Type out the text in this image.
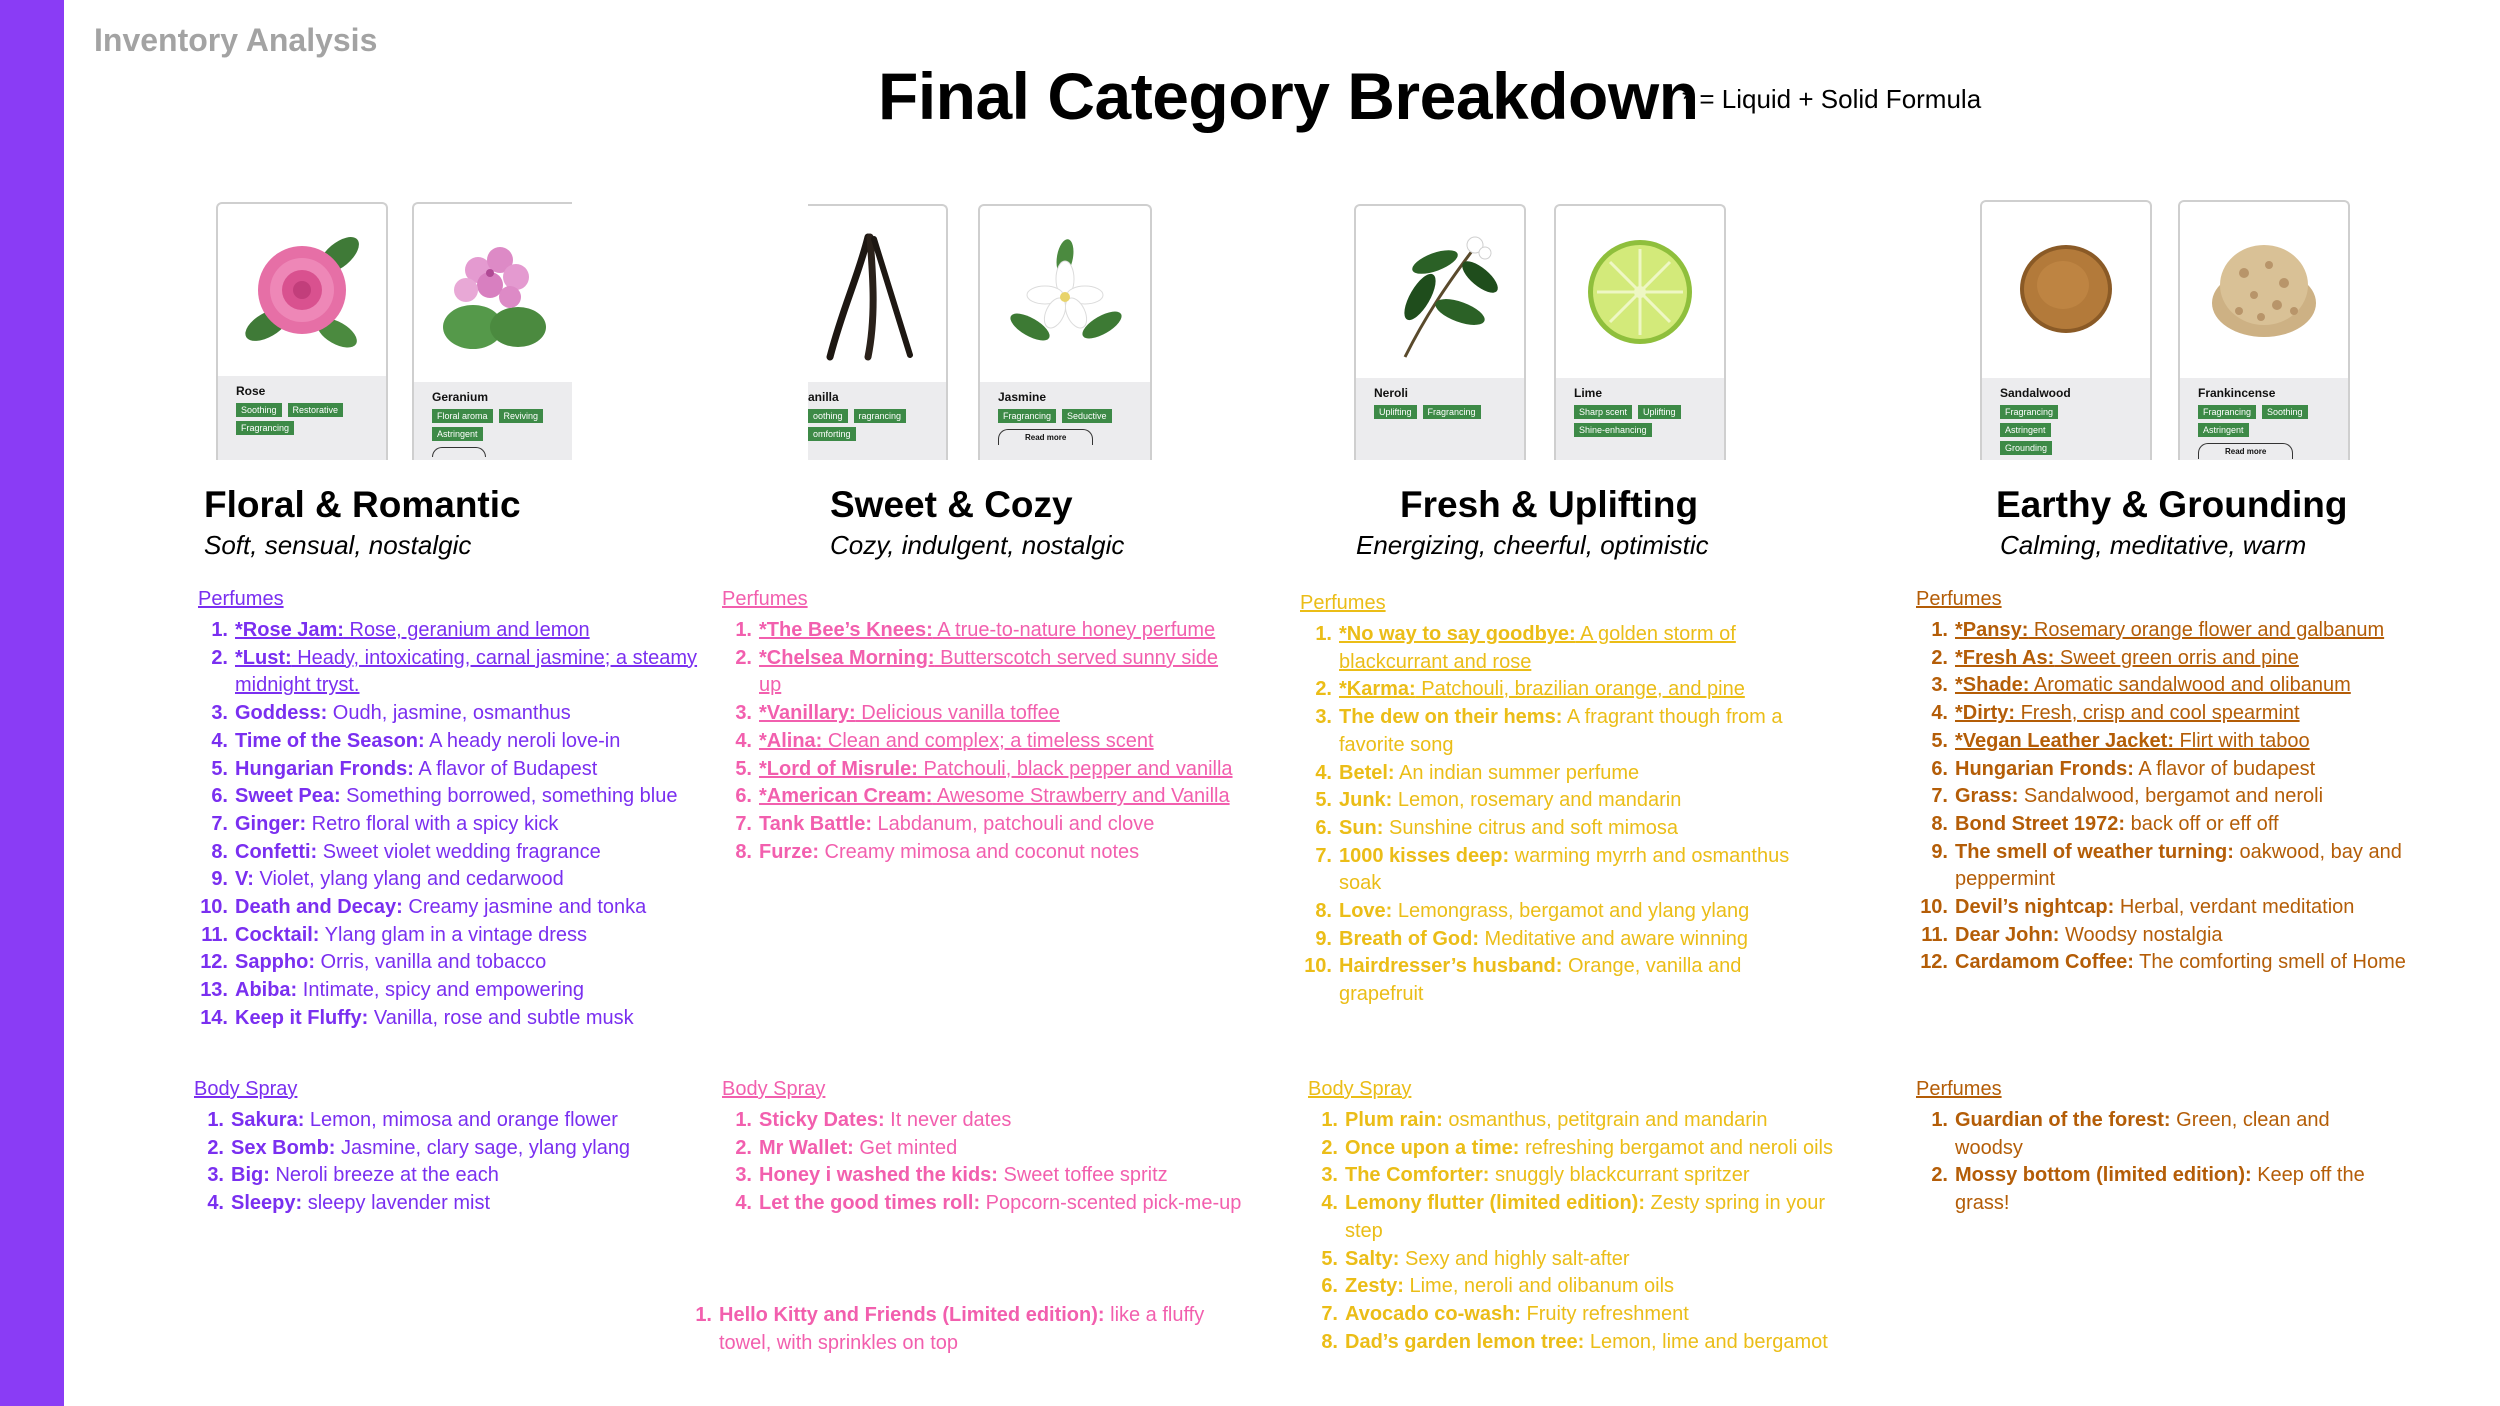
Inventory Analysis
Final Category Breakdown
* = Liquid + Solid Formula
Rose
Soothing	Restorative
Fragrancing
Geranium
Floral aroma	Reviving
Astringent
anilla
oothing	ragrancing
omforting
Jasmine
Fragrancing	Seductive
Read more
Neroli
Uplifting	Fragrancing
Lime
Sharp scent	Uplifting
Shine-enhancing
Sandalwood
Fragrancing
Astringent
Grounding
Frankincense
Fragrancing	Soothing
Astringent
Read more
Floral & Romantic
Soft, sensual, nostalgic
Sweet & Cozy
Cozy, indulgent, nostalgic
Fresh & Uplifting
Energizing, cheerful, optimistic
Earthy & Grounding
Calming, meditative, warm
Perfumes
1. *Rose Jam: Rose, geranium and lemon
2. *Lust: Heady, intoxicating, carnal jasmine; a steamy midnight tryst.
3. Goddess: Oudh, jasmine, osmanthus
4. Time of the Season: A heady neroli love-in
5. Hungarian Fronds: A flavor of Budapest
6. Sweet Pea: Something borrowed, something blue
7. Ginger: Retro floral with a spicy kick
8. Confetti: Sweet violet wedding fragrance
9. V: Violet, ylang ylang and cedarwood
10. Death and Decay: Creamy jasmine and tonka
11. Cocktail: Ylang glam in a vintage dress
12. Sappho: Orris, vanilla and tobacco
13. Abiba: Intimate, spicy and empowering
14. Keep it Fluffy: Vanilla, rose and subtle musk
Body Spray
1. Sakura: Lemon, mimosa and orange flower
2. Sex Bomb: Jasmine, clary sage, ylang ylang
3. Big: Neroli breeze at the each
4. Sleepy: sleepy lavender mist
Perfumes
1. *The Bee’s Knees: A true-to-nature honey perfume
2. *Chelsea Morning: Butterscotch served sunny side up
3. *Vanillary: Delicious vanilla toffee
4. *Alina: Clean and complex; a timeless scent
5. *Lord of Misrule: Patchouli, black pepper and vanilla
6. *American Cream: Awesome Strawberry and Vanilla
7. Tank Battle: Labdanum, patchouli and clove
8. Furze: Creamy mimosa and coconut notes
Body Spray
1. Sticky Dates: It never dates
2. Mr Wallet: Get minted
3. Honey i washed the kids: Sweet toffee spritz
4. Let the good times roll: Popcorn-scented pick-me-up
1. Hello Kitty and Friends (Limited edition): like a fluffy towel, with sprinkles on top
Perfumes
1. *No way to say goodbye: A golden storm of blackcurrant and rose
2. *Karma: Patchouli, brazilian orange, and pine
3. The dew on their hems: A fragrant though from a favorite song
4. Betel: An indian summer perfume
5. Junk: Lemon, rosemary and mandarin
6. Sun: Sunshine citrus and soft mimosa
7. 1000 kisses deep: warming myrrh and osmanthus soak
8. Love: Lemongrass, bergamot and ylang ylang
9. Breath of God: Meditative and aware winning
10. Hairdresser’s husband: Orange, vanilla and grapefruit
Body Spray
1. Plum rain: osmanthus, petitgrain and mandarin
2. Once upon a time: refreshing bergamot and neroli oils
3. The Comforter: snuggly blackcurrant spritzer
4. Lemony flutter (limited edition): Zesty spring in your step
5. Salty: Sexy and highly salt-after
6. Zesty: Lime, neroli and olibanum oils
7. Avocado co-wash: Fruity refreshment
8. Dad’s garden lemon tree: Lemon, lime and bergamot
Perfumes
1. *Pansy: Rosemary orange flower and galbanum
2. *Fresh As: Sweet green orris and pine
3. *Shade: Aromatic sandalwood and olibanum
4. *Dirty: Fresh, crisp and cool spearmint
5. *Vegan Leather Jacket: Flirt with taboo
6. Hungarian Fronds: A flavor of budapest
7. Grass: Sandalwood, bergamot and neroli
8. Bond Street 1972: back off or eff off
9. The smell of weather turning: oakwood, bay and peppermint
10. Devil’s nightcap: Herbal, verdant meditation
11. Dear John: Woodsy nostalgia
12. Cardamom Coffee: The comforting smell of Home
Perfumes
1. Guardian of the forest: Green, clean and woodsy
2. Mossy bottom (limited edition): Keep off the grass!
